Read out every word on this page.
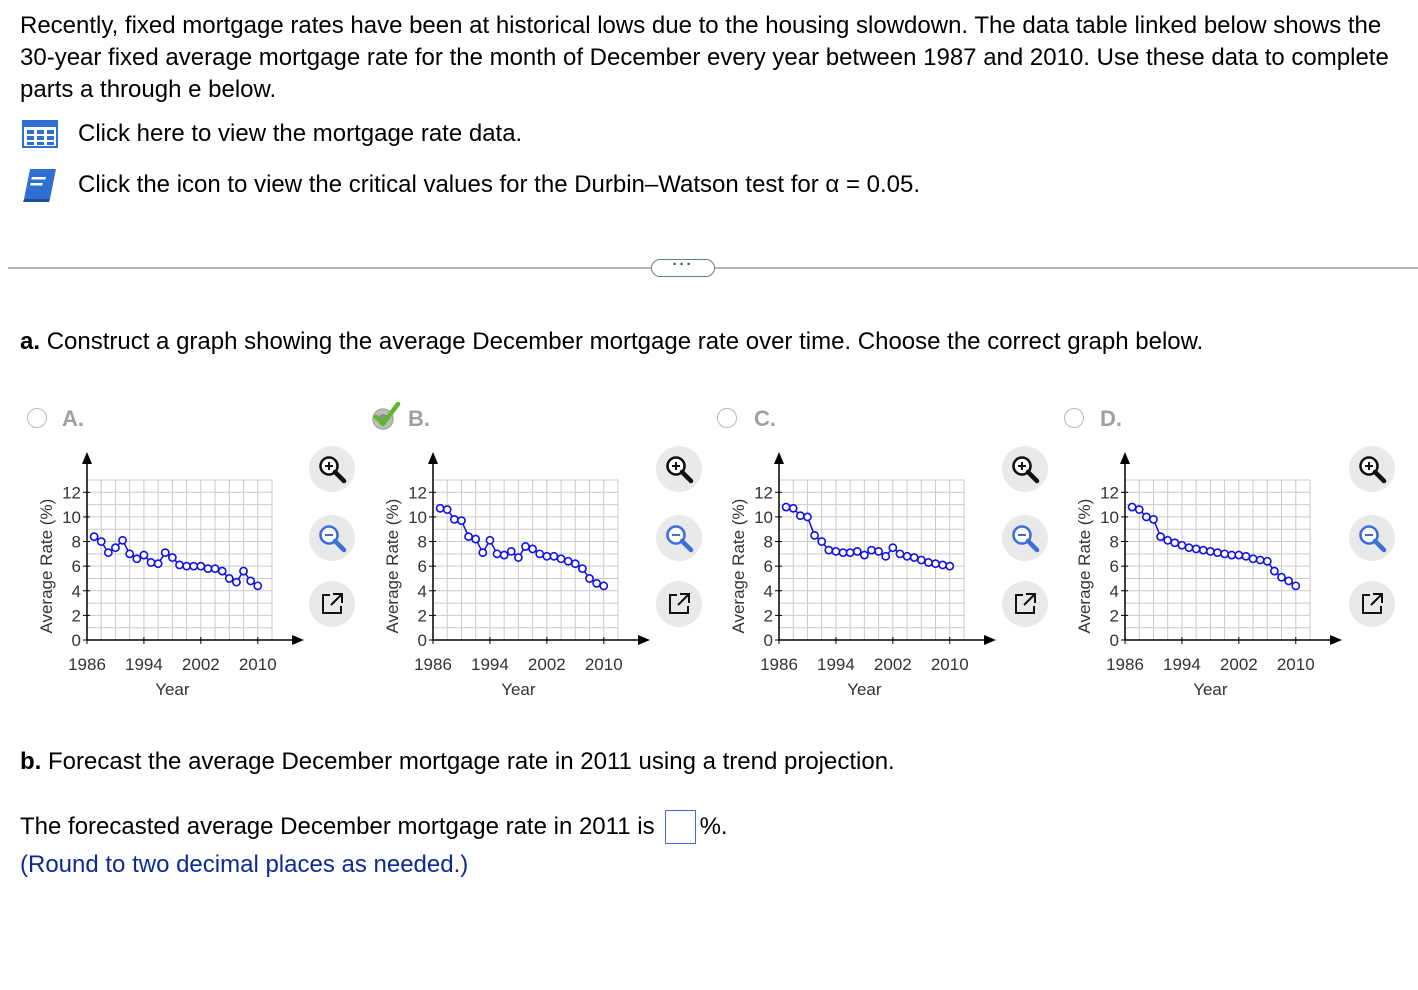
Recently, fixed mortgage rates have been at historical lows due to the housing slowdown. The data table linked below shows the 30-year fixed average mortgage rate for the month of December every year between 1987 and 2010. Use these data to complete parts a through e below.

Click here to view the mortgage rate data.
Click the icon to view the critical values for the Durbin–Watson test for α = 0.05.
···
a. Construct a graph showing the average December mortgage rate over time. Choose the correct graph below.
A.	B.	C.	D.
0
2
4
6
8
10
12
1986 1994 2002 2010
Year
Average Rate (%)
0
2
4
6
8
10
12
1986 1994 2002 2010
Year
Average Rate (%)
0
2
4
6
8
10
12
1986 1994 2002 2010
Year
Average Rate (%)
0
2
4
6
8
10
12
1986 1994 2002 2010
Year
Average Rate (%)
b. Forecast the average December mortgage rate in 2011 using a trend projection.
The forecasted average December mortgage rate in 2011 is %.
(Round to two decimal places as needed.)
